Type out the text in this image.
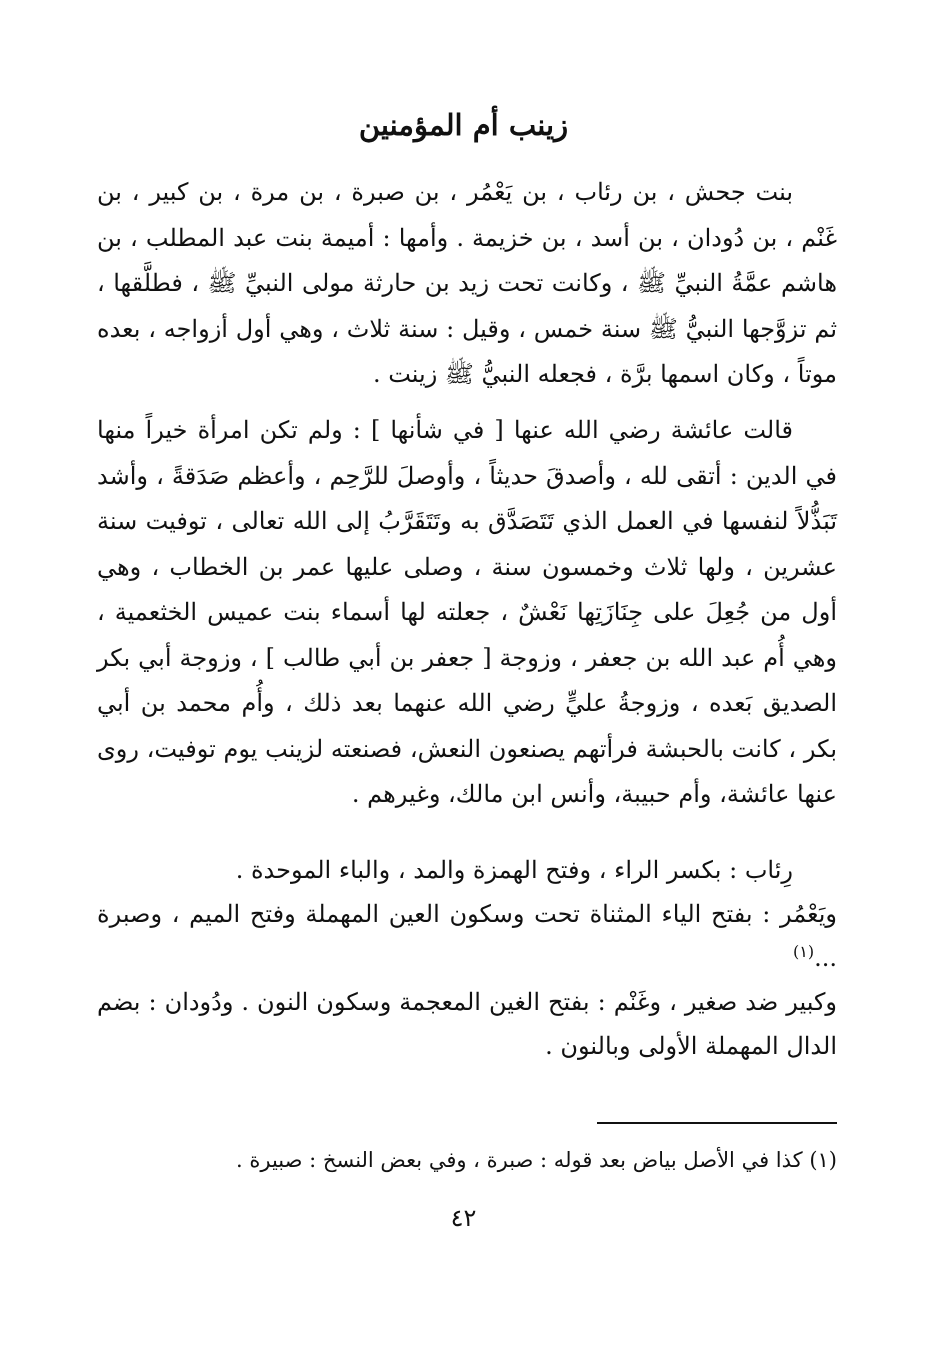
زينب أم المؤمنين

بنت جحش ، بن رئاب ، بن يَعْمُر ، بن صبرة ، بن مرة ، بن كبير ، بن غَنْم ، بن دُودان ، بن أسد ، بن خزيمة . وأمها : أميمة بنت عبد المطلب ، بن هاشم عمَّةُ النبيِّ ﷺ ، وكانت تحت زيد بن حارثة مولى النبيِّ ﷺ ، فطلَّقها ، ثم تزوَّجها النبيُّ ﷺ سنة خمس ، وقيل : سنة ثلاث ، وهي أول أزواجه ، بعده موتاً ، وكان اسمها برَّة ، فجعله النبيُّ ﷺ زينت .

قالت عائشة رضي الله عنها [ في شأنها ] : ولم تكن امرأة خيراً منها في الدين : أتقى لله ، وأصدقَ حديثاً ، وأوصلَ للرَّحِم ، وأعظم صَدَقةً ، وأشد تَبَذُّلاً لنفسها في العمل الذي تَتَصَدَّق به وتَتَقَرَّبُ إلى الله تعالى ، توفيت سنة عشرين ، ولها ثلاث وخمسون سنة ، وصلى عليها عمر بن الخطاب ، وهي أول من جُعِلَ على جِنَازَتِها نَعْشٌ ، جعلته لها أسماء بنت عميس الخثعمية ، وهي أُم عبد الله بن جعفر ، وزوجة [ جعفر بن أبي طالب ] ، وزوجة أبي بكر الصديق بَعده ، وزوجةُ عليٍّ رضي الله عنهما بعد ذلك ، وأُم محمد بن أبي بكر ، كانت بالحبشة فرأتهم يصنعون النعش، فصنعته لزينب يوم توفيت، روى عنها عائشة، وأم حبيبة، وأنس ابن مالك، وغيرهم .

رِئاب : بكسر الراء ، وفتح الهمزة والمد ، والباء الموحدة .

ويَعْمُر : بفتح الياء المثناة تحت وسكون العين المهملة وفتح الميم ، وصبرة ...$^{(١)}$

وكبير ضد صغير ، وغَنْم : بفتح الغين المعجمة وسكون النون . ودُودان : بضم الدال المهملة الأولى وبالنون .

(١) كذا في الأصل بياض بعد قوله : صبرة ، وفي بعض النسخ : صبيرة .
٤٢
